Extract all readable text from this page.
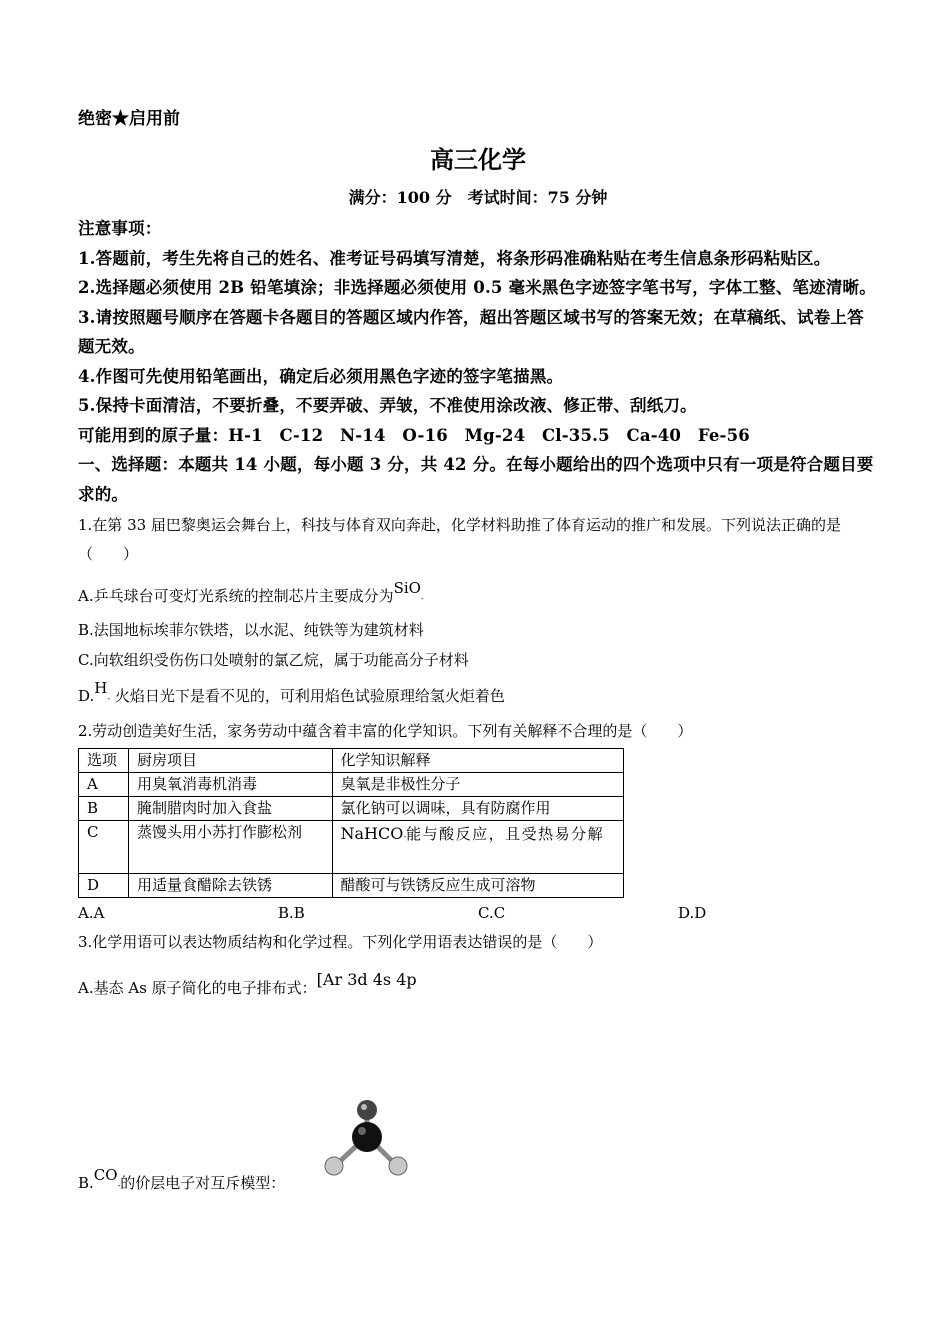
绝密★启用前
高三化学
满分：100 分　考试时间：75 分钟
注意事项：
1.答题前，考生先将自己的姓名、准考证号码填写清楚，将条形码准确粘贴在考生信息条形码粘贴区。
2.选择题必须使用 2B 铅笔填涂；非选择题必须使用 0.5 毫米黑色字迹签字笔书写，字体工整、笔迹清晰。
3.请按照题号顺序在答题卡各题目的答题区域内作答，超出答题区域书写的答案无效；在草稿纸、试卷上答题无效。
4.作图可先使用铅笔画出，确定后必须用黑色字迹的签字笔描黑。
5.保持卡面清洁，不要折叠，不要弄破、弄皱，不准使用涂改液、修正带、刮纸刀。
可能用到的原子量：H-1　C-12　N-14　O-16　Mg-24　Cl-35.5　Ca-40　Fe-56
一、选择题：本题共 14 小题，每小题 3 分，共 42 分。在每小题给出的四个选项中只有一项是符合题目要求的。
1.在第 33 届巴黎奥运会舞台上，科技与体育双向奔赴，化学材料助推了体育运动的推广和发展。下列说法正确的是（　　）
A.乒乓球台可变灯光系统的控制芯片主要成分为SiO-
B.法国地标埃菲尔铁塔，以水泥、纯铁等为建筑材料
C.向软组织受伤伤口处喷射的氯乙烷，属于功能高分子材料
D.H- 火焰日光下是看不见的，可利用焰色试验原理给氢火炬着色
2.劳动创造美好生活，家务劳动中蕴含着丰富的化学知识。下列有关解释不合理的是（　　）
选项	厨房项目	化学知识解释
A	用臭氧消毒机消毒	臭氧是非极性分子
B	腌制腊肉时加入食盐	氯化钠可以调味，具有防腐作用
C	蒸馒头用小苏打作膨松剂	NaHCO-能与酸反应，且受热易分解
D	用适量食醋除去铁锈	醋酸可与铁锈反应生成可溶物
A.A	B.B	C.C	D.D
3.化学用语可以表达物质结构和化学过程。下列化学用语表达错误的是（　　）
A.基态 As 原子简化的电子排布式：[Ar 3d 4s 4p
B.CO-的价层电子对互斥模型：
